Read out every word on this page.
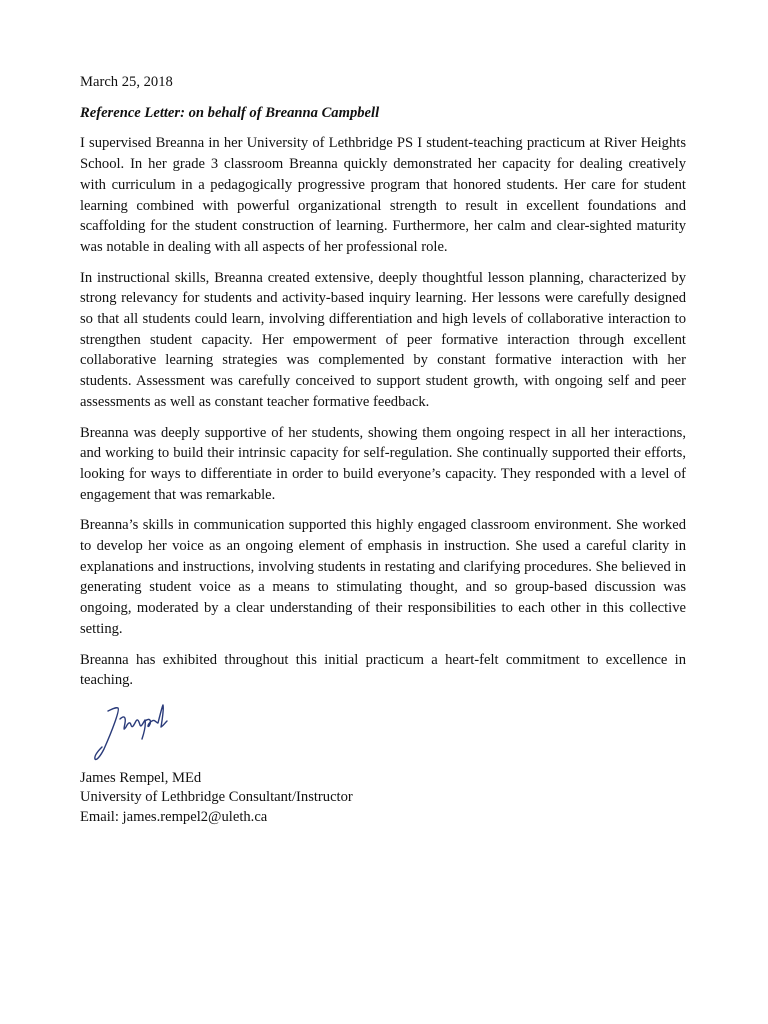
March 25, 2018

Reference Letter: on behalf of Breanna Campbell

I supervised Breanna in her University of Lethbridge PS I student-teaching practicum at River Heights School. In her grade 3 classroom Breanna quickly demonstrated her capacity for dealing creatively with curriculum in a pedagogically progressive program that honored students. Her care for student learning combined with powerful organizational strength to result in excellent foundations and scaffolding for the student construction of learning. Furthermore, her calm and clear-sighted maturity was notable in dealing with all aspects of her professional role.

In instructional skills, Breanna created extensive, deeply thoughtful lesson planning, characterized by strong relevancy for students and activity-based inquiry learning. Her lessons were carefully designed so that all students could learn, involving differentiation and high levels of collaborative interaction to strengthen student capacity. Her empowerment of peer formative interaction through excellent collaborative learning strategies was complemented by constant formative interaction with her students. Assessment was carefully conceived to support student growth, with ongoing self and peer assessments as well as constant teacher formative feedback.

Breanna was deeply supportive of her students, showing them ongoing respect in all her interactions, and working to build their intrinsic capacity for self-regulation. She continually supported their efforts, looking for ways to differentiate in order to build everyone’s capacity. They responded with a level of engagement that was remarkable.

Breanna’s skills in communication supported this highly engaged classroom environment. She worked to develop her voice as an ongoing element of emphasis in instruction. She used a careful clarity in explanations and instructions, involving students in restating and clarifying procedures. She believed in generating student voice as a means to stimulating thought, and so group-based discussion was ongoing, moderated by a clear understanding of their responsibilities to each other in this collective setting.

Breanna has exhibited throughout this initial practicum a heart-felt commitment to excellence in teaching.

James Rempel, MEd

University of Lethbridge Consultant/Instructor

Email: james.rempel2@uleth.ca
